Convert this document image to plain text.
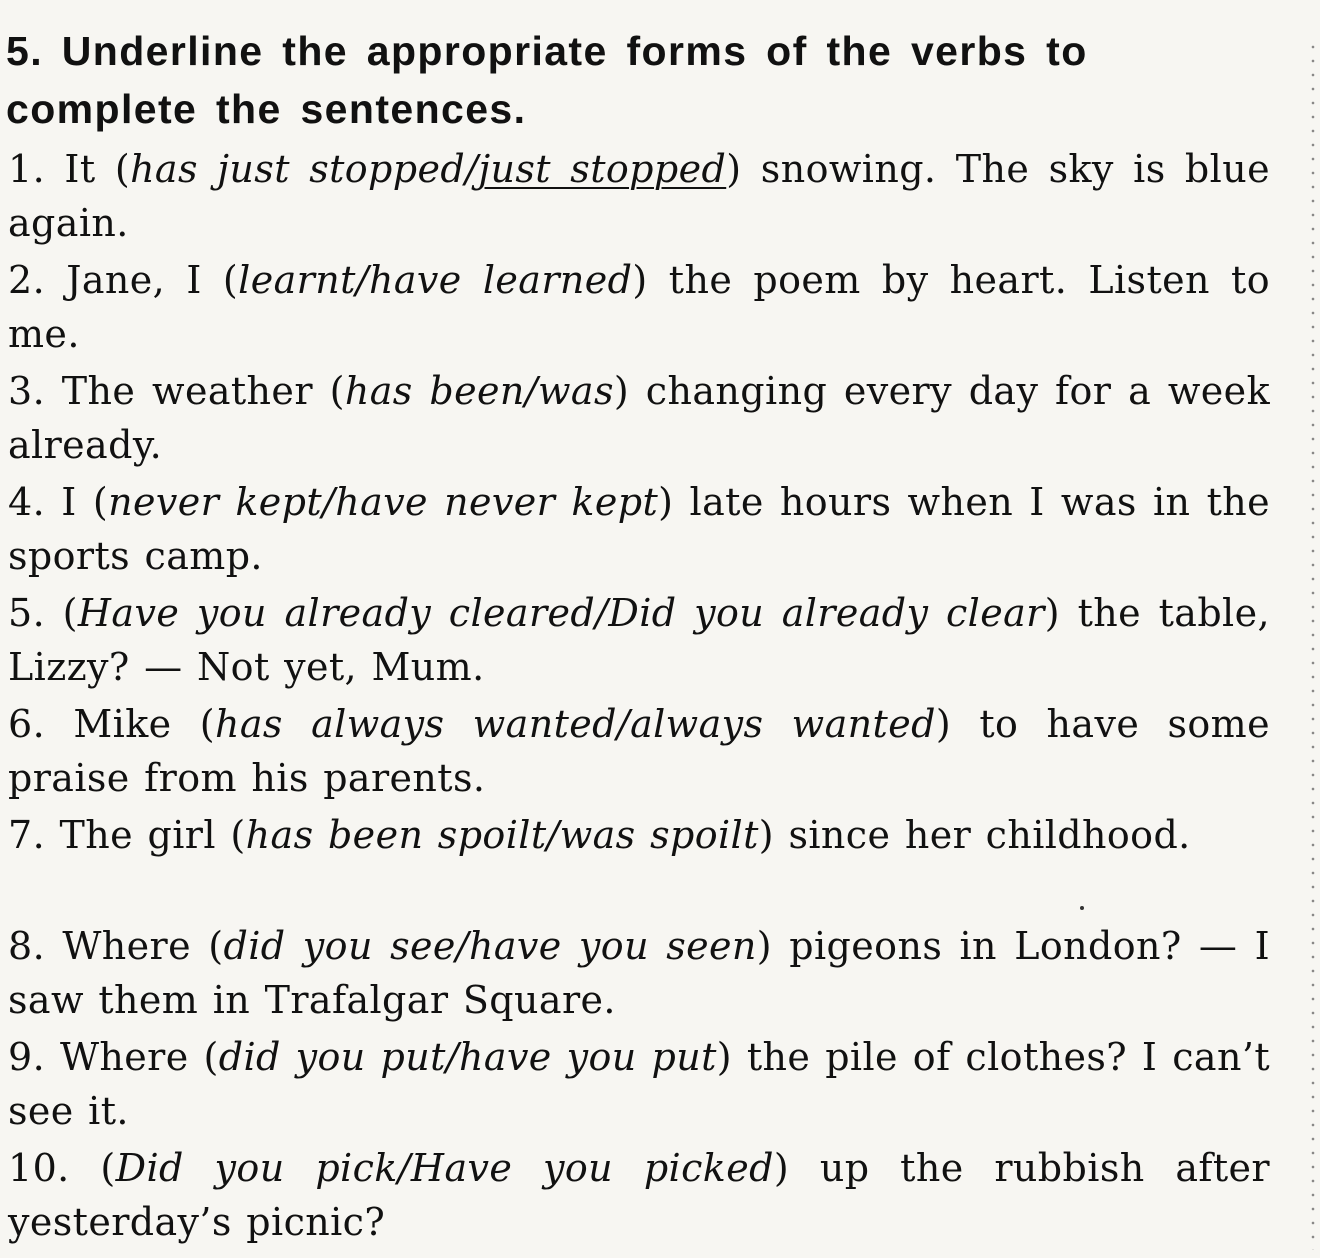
5. Underline the appropriate forms of the verbs to complete the sentences.
1. It (has just stopped/just stopped) snowing. The sky is blue again.
2. Jane, I (learnt/have learned) the poem by heart. Listen to me.
3. The weather (has been/was) changing every day for a week already.
4. I (never kept/have never kept) late hours when I was in the sports camp.
5. (Have you already cleared/Did you already clear) the table, Lizzy? — Not yet, Mum.
6. Mike (has always wanted/always wanted) to have some praise from his parents.
7. The girl (has been spoilt/was spoilt) since her childhood.
8. Where (did you see/have you seen) pigeons in London? — I saw them in Trafalgar Square.
9. Where (did you put/have you put) the pile of clothes? I can’t see it.
10. (Did you pick/Have you picked) up the rubbish after yesterday’s picnic?
